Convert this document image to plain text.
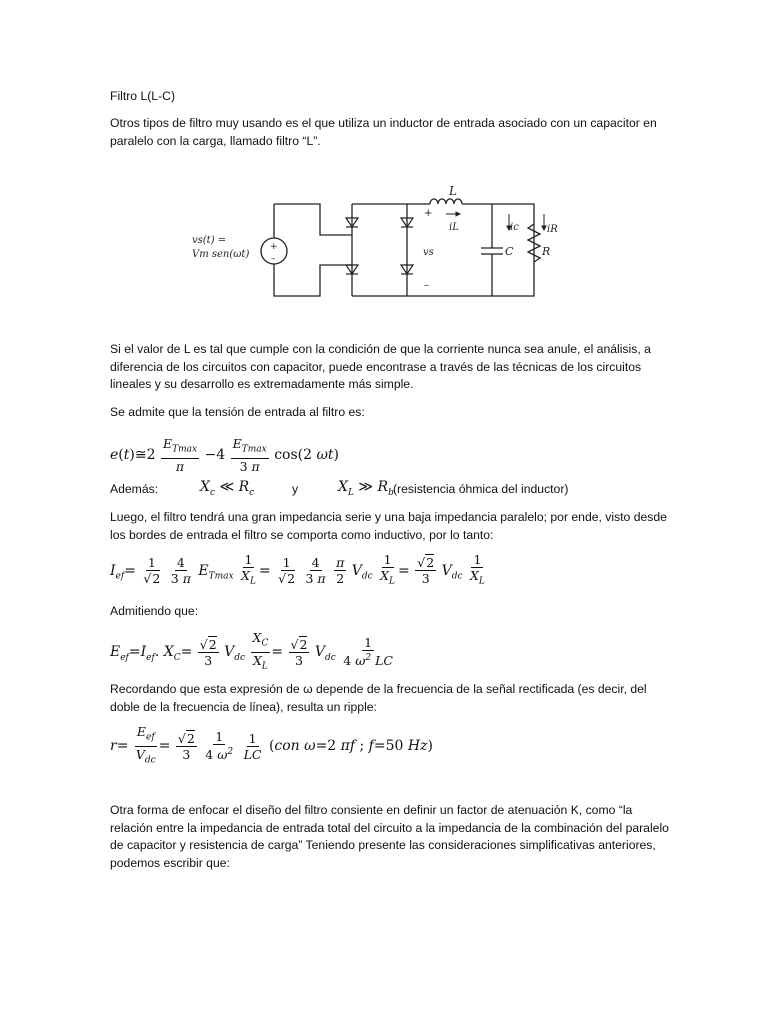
Filtro L(L-C)
Otros tipos de filtro muy usando es el que utiliza un inductor de entrada asociado con un capacitor en paralelo con la carga, llamado filtro “L”.
+
–
vs(t) =
Vm sen(ωt)
L
iL	ic	iR
C	R
vs
+
–
Si el valor de L es tal que cumple con la condición de que la corriente nunca sea anule, el análisis, a diferencia de los circuitos con capacitor, puede encontrase a través de las técnicas de los circuitos lineales y su desarrollo es extremadamente más simple.
Se admite que la tensión de entrada al filtro es:
e(t)≅2 $\frac{E_{Tmax}}{\pi} -4 \frac{E_{Tmax}}{3 \pi} \cos(2$ ωt)
Además:	$X_c$ ≪ $R_c$	y	$X_L$ ≫ $R_b$ (resistencia óhmica del inductor)
Luego, el filtro tendrá una gran impedancia serie y una baja impedancia paralelo; por ende, visto desde los bordes de entrada el filtro se comporta como inductivo, por lo tanto:
$I_{ef}= \frac{1}{√2}$
$\frac{4}{3 \pi} E_{Tmax} \frac{1}{X_L} = \frac{1}{√2}$
$\frac{4}{3 \pi}$
$\frac{\pi}{2} V_{dc} \frac{1}{X_L} = \frac{√2}{3} V_{dc} \frac{1}{X_L}$
Admitiendo que:
$E_{ef}=I_{ef}$. $X_C= \frac{√2}{3} V_{dc} \frac{X_C}{X_L} = \frac{√2}{3} V_{dc} \frac{1}{4 \omega^2 LC}$
Recordando que esta expresión de ω depende de la frecuencia de la señal rectificada (es decir, del doble de la frecuencia de línea), resulta un ripple:
$r= \frac{E_{ef}}{V_{dc}} = \frac{√2}{3}$
$\frac{1}{4 \omega^2}$
$\frac{1}{LC} (con$ ω=2 πf ; f=50 Hz)
Otra forma de enfocar el diseño del filtro consiente en definir un factor de atenuación K, como “la relación entre la impedancia de entrada total del circuito a la impedancia de la combinación del paralelo de capacitor y resistencia de carga” Teniendo presente las consideraciones simplificativas anteriores, podemos escribir que:
